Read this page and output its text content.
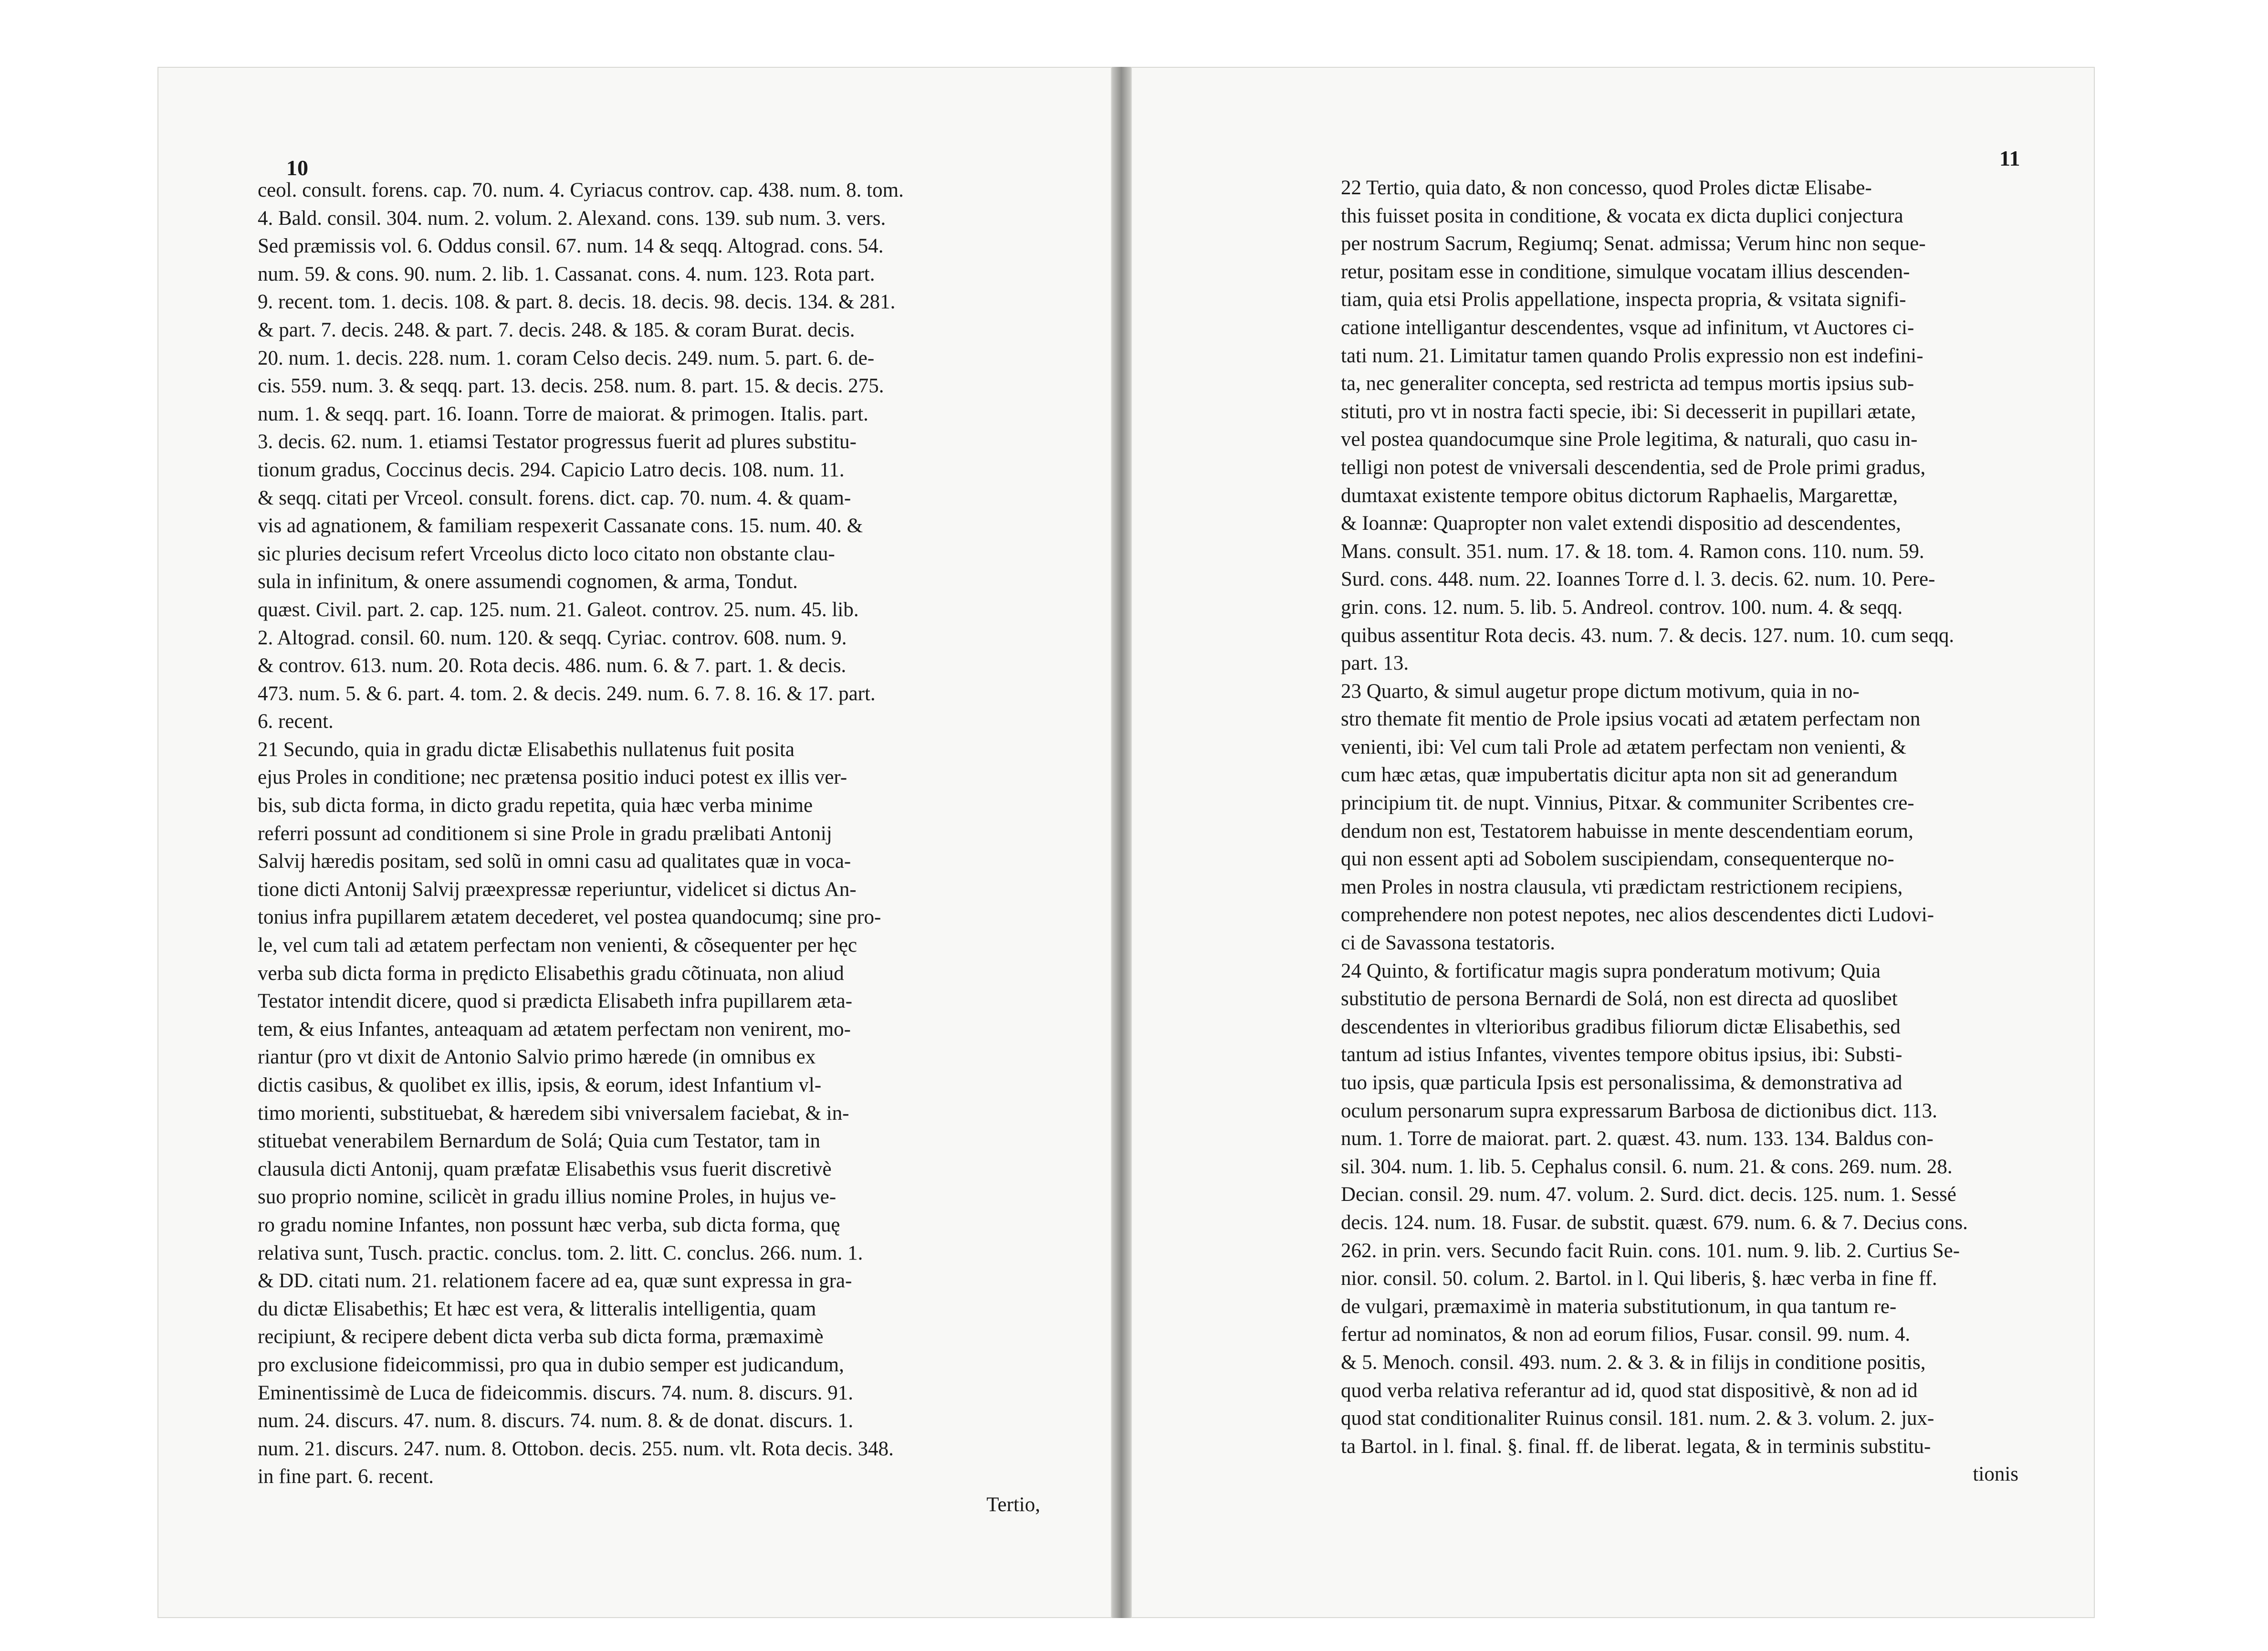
10
ceol. consult. forens. cap. 70. num. 4. Cyriacus controv. cap. 438. num. 8. tom.
4. Bald. consil. 304. num. 2. volum. 2. Alexand. cons. 139. sub num. 3. vers.
Sed præmissis vol. 6. Oddus consil. 67. num. 14 & seqq. Altograd. cons. 54.
num. 59. & cons. 90. num. 2. lib. 1. Cassanat. cons. 4. num. 123. Rota part.
9. recent. tom. 1. decis. 108. & part. 8. decis. 18. decis. 98. decis. 134. & 281.
& part. 7. decis. 248. & part. 7. decis. 248. & 185. & coram Burat. decis.
20. num. 1. decis. 228. num. 1. coram Celso decis. 249. num. 5. part. 6. de-
cis. 559. num. 3. & seqq. part. 13. decis. 258. num. 8. part. 15. & decis. 275.
num. 1. & seqq. part. 16. Ioann. Torre de maiorat. & primogen. Italis. part.
3. decis. 62. num. 1. etiamsi Testator progressus fuerit ad plures substitu-
tionum gradus, Coccinus decis. 294. Capicio Latro decis. 108. num. 11.
& seqq. citati per Vrceol. consult. forens. dict. cap. 70. num. 4. & quam-
vis ad agnationem, & familiam respexerit Cassanate cons. 15. num. 40. &
sic pluries decisum refert Vrceolus dicto loco citato non obstante clau-
sula in infinitum, & onere assumendi cognomen, & arma, Tondut.
quæst. Civil. part. 2. cap. 125. num. 21. Galeot. controv. 25. num. 45. lib.
2. Altograd. consil. 60. num. 120. & seqq. Cyriac. controv. 608. num. 9.
& controv. 613. num. 20. Rota decis. 486. num. 6. & 7. part. 1. & decis.
473. num. 5. & 6. part. 4. tom. 2. & decis. 249. num. 6. 7. 8. 16. & 17. part.
6. recent.
21 Secundo, quia in gradu dictæ Elisabethis nullatenus fuit posita
ejus Proles in conditione; nec prætensa positio induci potest ex illis ver-
bis, sub dicta forma, in dicto gradu repetita, quia hæc verba minime
referri possunt ad conditionem si sine Prole in gradu prælibati Antonij
Salvij hæredis positam, sed solũ in omni casu ad qualitates quæ in voca-
tione dicti Antonij Salvij præexpressæ reperiuntur, videlicet si dictus An-
tonius infra pupillarem ætatem decederet, vel postea quandocumq; sine pro-
le, vel cum tali ad ætatem perfectam non venienti, & cõsequenter per hęc
verba sub dicta forma in prędicto Elisabethis gradu cõtinuata, non aliud
Testator intendit dicere, quod si prædicta Elisabeth infra pupillarem æta-
tem, & eius Infantes, anteaquam ad ætatem perfectam non venirent, mo-
riantur (pro vt dixit de Antonio Salvio primo hærede (in omnibus ex
dictis casibus, & quolibet ex illis, ipsis, & eorum, idest Infantium vl-
timo morienti, substituebat, & hæredem sibi vniversalem faciebat, & in-
stituebat venerabilem Bernardum de Solá; Quia cum Testator, tam in
clausula dicti Antonij, quam præfatæ Elisabethis vsus fuerit discretivè
suo proprio nomine, scilicèt in gradu illius nomine Proles, in hujus ve-
ro gradu nomine Infantes, non possunt hæc verba, sub dicta forma, quę
relativa sunt, Tusch. practic. conclus. tom. 2. litt. C. conclus. 266. num. 1.
& DD. citati num. 21. relationem facere ad ea, quæ sunt expressa in gra-
du dictæ Elisabethis; Et hæc est vera, & litteralis intelligentia, quam
recipiunt, & recipere debent dicta verba sub dicta forma, præmaximè
pro exclusione fideicommissi, pro qua in dubio semper est judicandum,
Eminentissimè de Luca de fideicommis. discurs. 74. num. 8. discurs. 91.
num. 24. discurs. 47. num. 8. discurs. 74. num. 8. & de donat. discurs. 1.
num. 21. discurs. 247. num. 8. Ottobon. decis. 255. num. vlt. Rota decis. 348.
in fine part. 6. recent.
Tertio,
11
22 Tertio, quia dato, & non concesso, quod Proles dictæ Elisabe-
this fuisset posita in conditione, & vocata ex dicta duplici conjectura
per nostrum Sacrum, Regiumq; Senat. admissa; Verum hinc non seque-
retur, positam esse in conditione, simulque vocatam illius descenden-
tiam, quia etsi Prolis appellatione, inspecta propria, & vsitata signifi-
catione intelligantur descendentes, vsque ad infinitum, vt Auctores ci-
tati num. 21. Limitatur tamen quando Prolis expressio non est indefini-
ta, nec generaliter concepta, sed restricta ad tempus mortis ipsius sub-
stituti, pro vt in nostra facti specie, ibi: Si decesserit in pupillari ætate,
vel postea quandocumque sine Prole legitima, & naturali, quo casu in-
telligi non potest de vniversali descendentia, sed de Prole primi gradus,
dumtaxat existente tempore obitus dictorum Raphaelis, Margarettæ,
& Ioannæ: Quapropter non valet extendi dispositio ad descendentes,
Mans. consult. 351. num. 17. & 18. tom. 4. Ramon cons. 110. num. 59.
Surd. cons. 448. num. 22. Ioannes Torre d. l. 3. decis. 62. num. 10. Pere-
grin. cons. 12. num. 5. lib. 5. Andreol. controv. 100. num. 4. & seqq.
quibus assentitur Rota decis. 43. num. 7. & decis. 127. num. 10. cum seqq.
part. 13.
23 Quarto, & simul augetur prope dictum motivum, quia in no-
stro themate fit mentio de Prole ipsius vocati ad ætatem perfectam non
venienti, ibi: Vel cum tali Prole ad ætatem perfectam non venienti, &
cum hæc ætas, quæ impubertatis dicitur apta non sit ad generandum
principium tit. de nupt. Vinnius, Pitxar. & communiter Scribentes cre-
dendum non est, Testatorem habuisse in mente descendentiam eorum,
qui non essent apti ad Sobolem suscipiendam, consequenterque no-
men Proles in nostra clausula, vti prædictam restrictionem recipiens,
comprehendere non potest nepotes, nec alios descendentes dicti Ludovi-
ci de Savassona testatoris.
24 Quinto, & fortificatur magis supra ponderatum motivum; Quia
substitutio de persona Bernardi de Solá, non est directa ad quoslibet
descendentes in vlterioribus gradibus filiorum dictæ Elisabethis, sed
tantum ad istius Infantes, viventes tempore obitus ipsius, ibi: Substi-
tuo ipsis, quæ particula Ipsis est personalissima, & demonstrativa ad
oculum personarum supra expressarum Barbosa de dictionibus dict. 113.
num. 1. Torre de maiorat. part. 2. quæst. 43. num. 133. 134. Baldus con-
sil. 304. num. 1. lib. 5. Cephalus consil. 6. num. 21. & cons. 269. num. 28.
Decian. consil. 29. num. 47. volum. 2. Surd. dict. decis. 125. num. 1. Sessé
decis. 124. num. 18. Fusar. de substit. quæst. 679. num. 6. & 7. Decius cons.
262. in prin. vers. Secundo facit Ruin. cons. 101. num. 9. lib. 2. Curtius Se-
nior. consil. 50. colum. 2. Bartol. in l. Qui liberis, §. hæc verba in fine ff.
de vulgari, præmaximè in materia substitutionum, in qua tantum re-
fertur ad nominatos, & non ad eorum filios, Fusar. consil. 99. num. 4.
& 5. Menoch. consil. 493. num. 2. & 3. & in filijs in conditione positis,
quod verba relativa referantur ad id, quod stat dispositivè, & non ad id
quod stat conditionaliter Ruinus consil. 181. num. 2. & 3. volum. 2. jux-
ta Bartol. in l. final. §. final. ff. de liberat. legata, & in terminis substitu-
tionis
